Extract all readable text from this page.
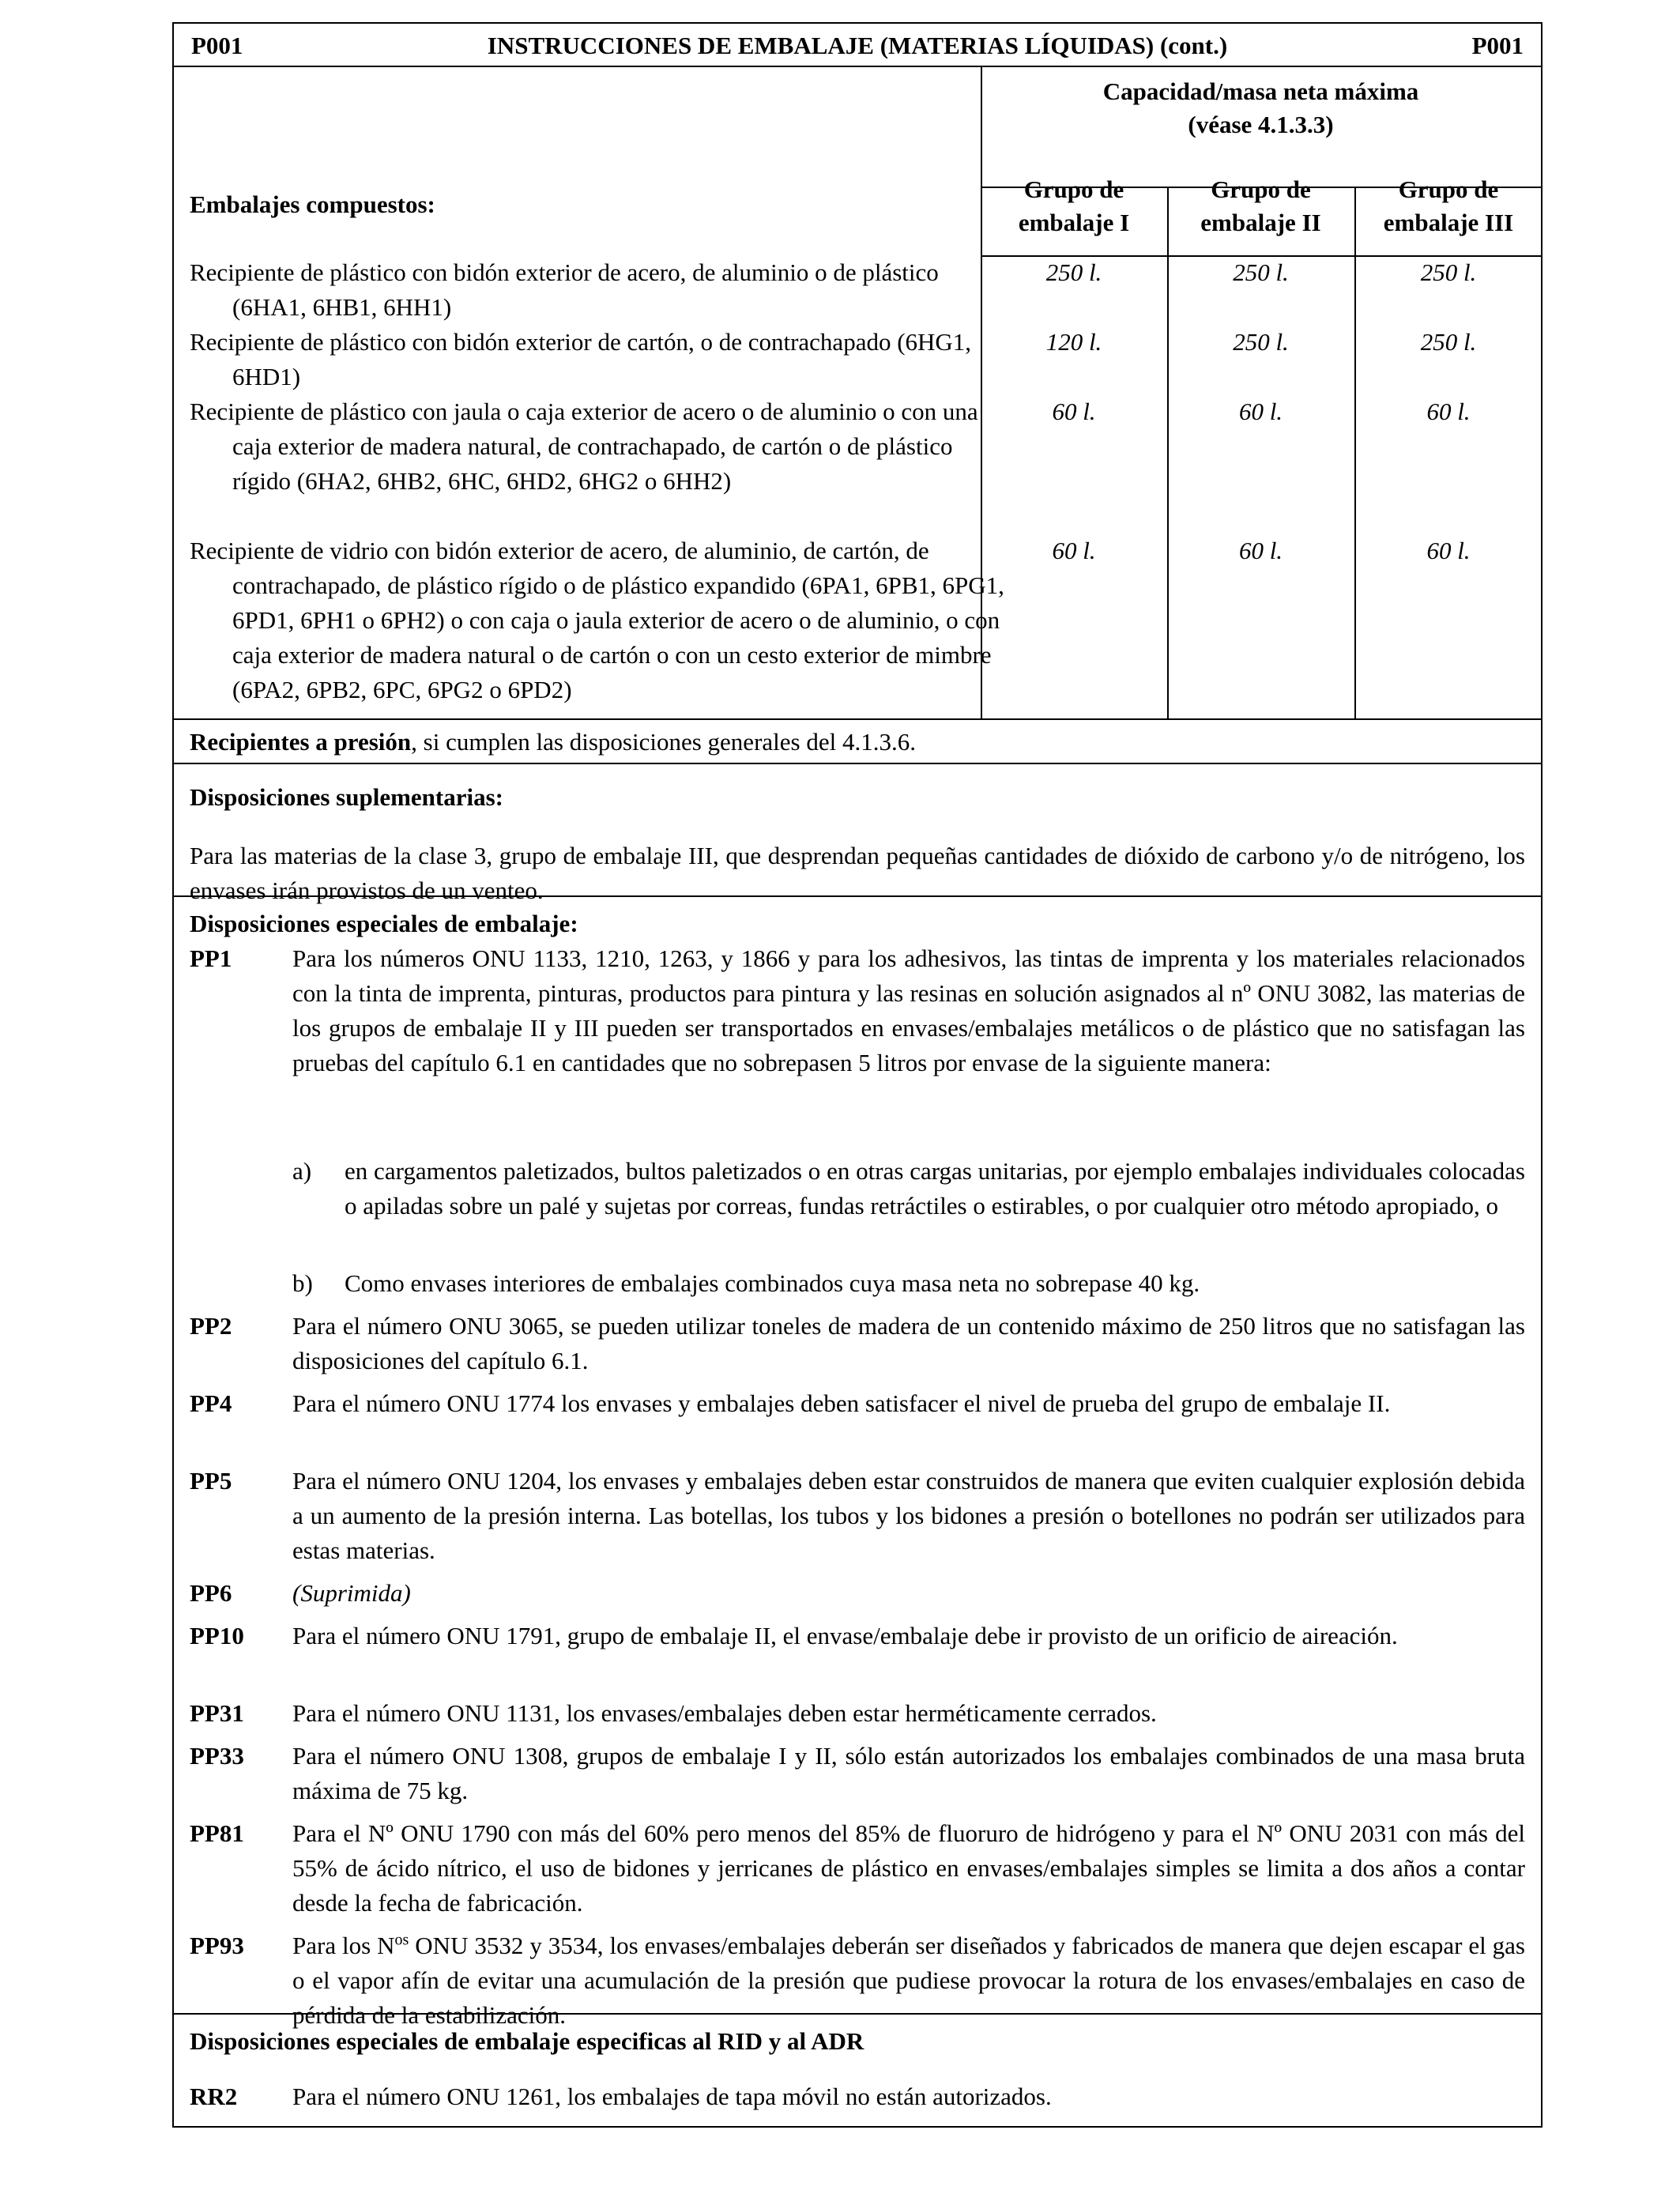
P001	INSTRUCCIONES DE EMBALAJE (MATERIAS LÍQUIDAS) (cont.)	P001
Capacidad/masa neta máxima
(véase 4.1.3.3)
Grupo de
embalaje I
Grupo de
embalaje II
Grupo de
embalaje III
Embalajes compuestos:
Recipiente de plástico con bidón exterior de acero, de aluminio o de plástico (6HA1, 6HB1, 6HH1)
250 l.	250 l.	250 l.
Recipiente de plástico con bidón exterior de cartón, o de contrachapado (6HG1, 6HD1)
120 l.	250 l.	250 l.
Recipiente de plástico con jaula o caja exterior de acero o de aluminio o con una caja exterior de madera natural, de contrachapado, de cartón o de plástico rígido (6HA2, 6HB2, 6HC, 6HD2, 6HG2 o 6HH2)
60 l.	60 l.	60 l.
Recipiente de vidrio con bidón exterior de acero, de aluminio, de cartón, de contrachapado, de plástico rígido o de plástico expandido (6PA1, 6PB1, 6PG1, 6PD1, 6PH1 o 6PH2) o con caja o jaula exterior de acero o de aluminio, o con caja exterior de madera natural o de cartón o con un cesto exterior de mimbre (6PA2, 6PB2, 6PC, 6PG2 o 6PD2)
60 l.	60 l.	60 l.
Recipientes a presión, si cumplen las disposiciones generales del 4.1.3.6.
Disposiciones suplementarias:
Para las materias de la clase 3, grupo de embalaje III, que desprendan pequeñas cantidades de dióxido de carbono y/o de nitrógeno, los envases irán provistos de un venteo.
Disposiciones especiales de embalaje:
PP1 Para los números ONU 1133, 1210, 1263, y 1866 y para los adhesivos, las tintas de imprenta y los materiales relacionados con la tinta de imprenta, pinturas, productos para pintura y las resinas en solución asignados al nº ONU 3082, las materias de los grupos de embalaje II y III pueden ser transportados en envases/embalajes metálicos o de plástico que no satisfagan las pruebas del capítulo 6.1 en cantidades que no sobrepasen 5 litros por envase de la siguiente manera:
a) en cargamentos paletizados, bultos paletizados o en otras cargas unitarias, por ejemplo embalajes individuales colocadas o apiladas sobre un palé y sujetas por correas, fundas retráctiles o estirables, o por cualquier otro método apropiado, o
b) Como envases interiores de embalajes combinados cuya masa neta no sobrepase 40 kg.
PP2 Para el número ONU 3065, se pueden utilizar toneles de madera de un contenido máximo de 250 litros que no satisfagan las disposiciones del capítulo 6.1.
PP4 Para el número ONU 1774 los envases y embalajes deben satisfacer el nivel de prueba del grupo de embalaje II.
PP5 Para el número ONU 1204, los envases y embalajes deben estar construidos de manera que eviten cualquier explosión debida a un aumento de la presión interna. Las botellas, los tubos y los bidones a presión o botellones no podrán ser utilizados para estas materias.
PP6 (Suprimida)
PP10 Para el número ONU 1791, grupo de embalaje II, el envase/embalaje debe ir provisto de un orificio de aireación.
PP31 Para el número ONU 1131, los envases/embalajes deben estar herméticamente cerrados.
PP33 Para el número ONU 1308, grupos de embalaje I y II, sólo están autorizados los embalajes combinados de una masa bruta máxima de 75 kg.
PP81 Para el Nº ONU 1790 con más del 60% pero menos del 85% de fluoruro de hidrógeno y para el Nº ONU 2031 con más del 55% de ácido nítrico, el uso de bidones y jerricanes de plástico en envases/embalajes simples se limita a dos años a contar desde la fecha de fabricación.
PP93 Para los $N^{os}$ ONU 3532 y 3534, los envases/embalajes deberán ser diseñados y fabricados de manera que dejen escapar el gas o el vapor afín de evitar una acumulación de la presión que pudiese provocar la rotura de los envases/embalajes en caso de pérdida de la estabilización.
Disposiciones especiales de embalaje especificas al RID y al ADR
RR2 Para el número ONU 1261, los embalajes de tapa móvil no están autorizados.
